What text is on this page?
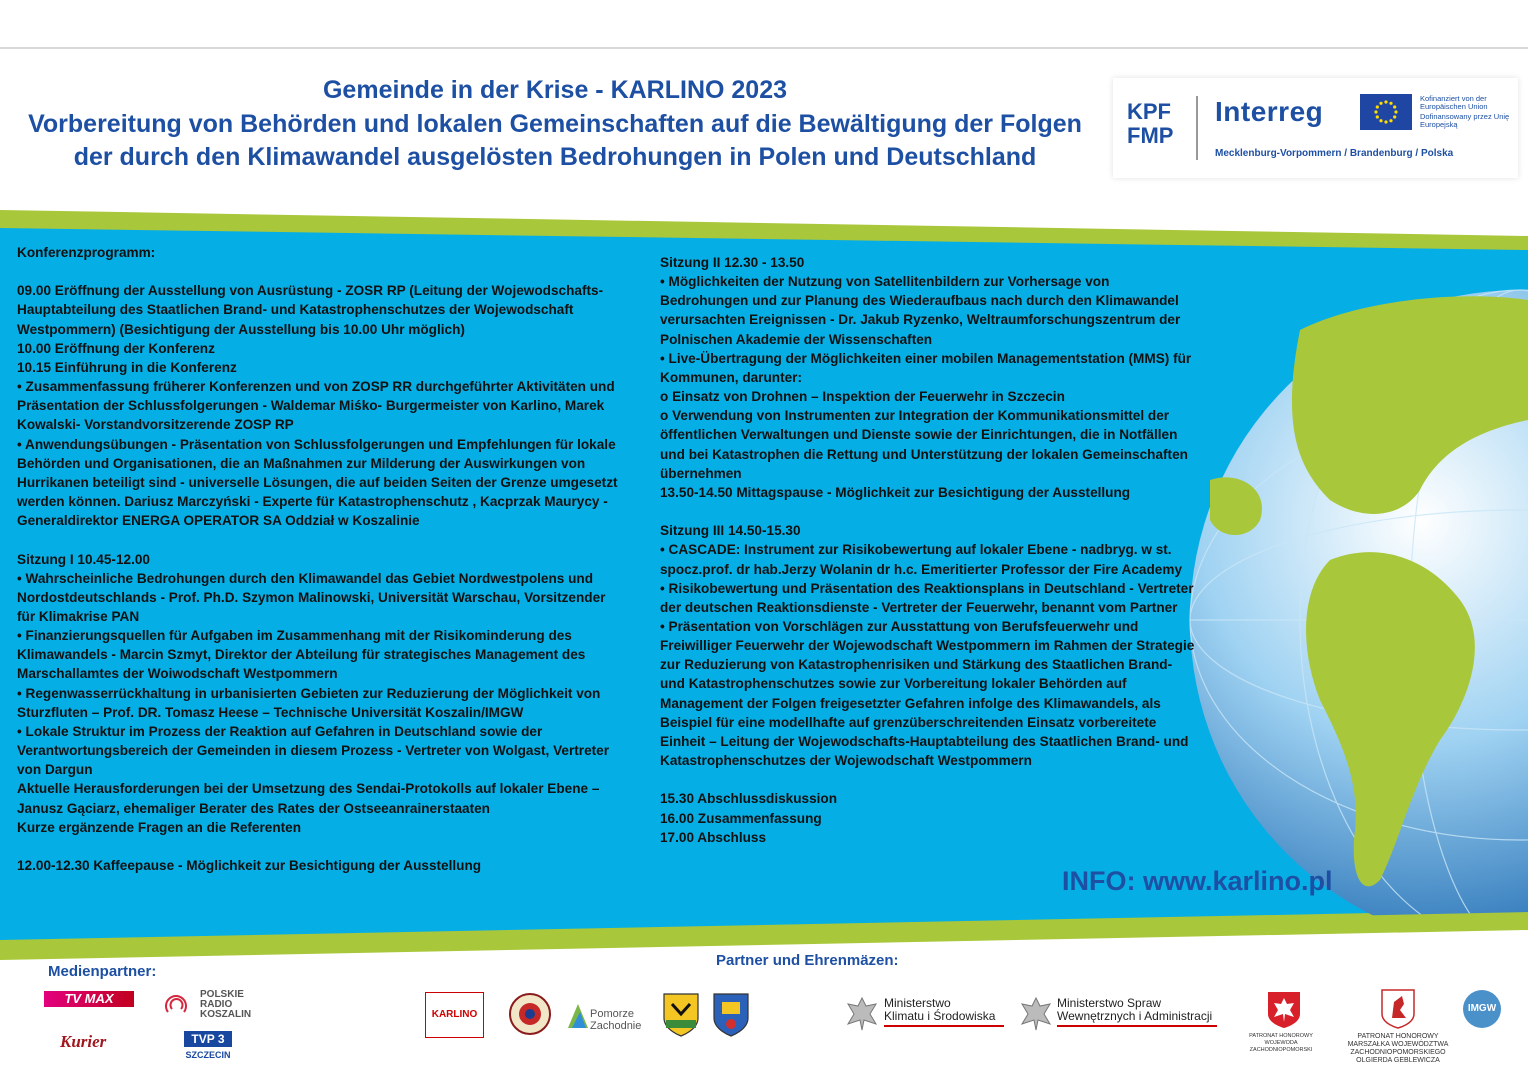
Gemeinde in der Krise - KARLINO 2023
Vorbereitung von Behörden und lokalen Gemeinschaften auf die Bewältigung der Folgen
der durch den Klimawandel ausgelösten Bedrohungen in Polen und Deutschland
KPF
FMP
Interreg	Kofinanziert von der Europäischen Union
Dofinansowany przez Unię Europejską
Mecklenburg-Vorpommern / Brandenburg / Polska
Konferenzprogramm:

09.00 Eröffnung der Ausstellung von Ausrüstung - ZOSR RP (Leitung der Wojewodschafts-Hauptabteilung des Staatlichen Brand- und Katastrophenschutzes der Wojewodschaft Westpommern) (Besichtigung der Ausstellung bis 10.00 Uhr möglich)
10.00 Eröffnung der Konferenz
10.15 Einführung in die Konferenz
• Zusammenfassung früherer Konferenzen und von ZOSP RR durchgeführter Aktivitäten und Präsentation der Schlussfolgerungen - Waldemar Miśko- Burgermeister von Karlino, Marek Kowalski- Vorstandvorsitzerende ZOSP RP
• Anwendungsübungen - Präsentation von Schlussfolgerungen und Empfehlungen für lokale Behörden und Organisationen, die an Maßnahmen zur Milderung der Auswirkungen von Hurrikanen beteiligt sind - universelle Lösungen, die auf beiden Seiten der Grenze umgesetzt werden können. Dariusz Marczyński - Experte für Katastrophenschutz , Kacprzak Maurycy - Generaldirektor ENERGA OPERATOR SA Oddział w Koszalinie

Sitzung I 10.45-12.00
• Wahrscheinliche Bedrohungen durch den Klimawandel das Gebiet Nordwestpolens und Nordostdeutschlands - Prof. Ph.D. Szymon Malinowski, Universität Warschau, Vorsitzender für Klimakrise PAN
• Finanzierungsquellen für Aufgaben im Zusammenhang mit der Risikominderung des Klimawandels - Marcin Szmyt, Direktor der Abteilung für strategisches Management des Marschallamtes der Woiwodschaft Westpommern
• Regenwasserrückhaltung in urbanisierten Gebieten zur Reduzierung der Möglichkeit von Sturzfluten – Prof. DR. Tomasz Heese – Technische Universität Koszalin/IMGW
• Lokale Struktur im Prozess der Reaktion auf Gefahren in Deutschland sowie der Verantwortungsbereich der Gemeinden in diesem Prozess - Vertreter von Wolgast, Vertreter von Dargun
Aktuelle Herausforderungen bei der Umsetzung des Sendai-Protokolls auf lokaler Ebene – Janusz Gąciarz, ehemaliger Berater des Rates der Ostseeanrainerstaaten
Kurze ergänzende Fragen an die Referenten

12.00-12.30 Kaffeepause - Möglichkeit zur Besichtigung der Ausstellung
Sitzung II 12.30 - 13.50
• Möglichkeiten der Nutzung von Satellitenbildern zur Vorhersage von Bedrohungen und zur Planung des Wiederaufbaus nach durch den Klimawandel verursachten Ereignissen - Dr. Jakub Ryzenko, Weltraumforschungszentrum der Polnischen Akademie der Wissenschaften
• Live-Übertragung der Möglichkeiten einer mobilen Managementstation (MMS) für Kommunen, darunter:
o Einsatz von Drohnen – Inspektion der Feuerwehr in Szczecin
o Verwendung von Instrumenten zur Integration der Kommunikationsmittel der öffentlichen Verwaltungen und Dienste sowie der Einrichtungen, die in Notfällen und bei Katastrophen die Rettung und Unterstützung der lokalen Gemeinschaften übernehmen
13.50-14.50 Mittagspause - Möglichkeit zur Besichtigung der Ausstellung

Sitzung III 14.50-15.30
• CASCADE: Instrument zur Risikobewertung auf lokaler Ebene - nadbryg. w st. spocz.prof. dr hab.Jerzy Wolanin dr h.c. Emeritierter Professor der Fire Academy
• Risikobewertung und Präsentation des Reaktionsplans in Deutschland - Vertreter der deutschen Reaktionsdienste - Vertreter der Feuerwehr, benannt vom Partner
• Präsentation von Vorschlägen zur Ausstattung von Berufsfeuerwehr und Freiwilliger Feuerwehr der Wojewodschaft Westpommern im Rahmen der Strategie zur Reduzierung von Katastrophenrisiken und Stärkung des Staatlichen Brand- und Katastrophenschutzes sowie zur Vorbereitung lokaler Behörden auf Management der Folgen freigesetzter Gefahren infolge des Klimawandels, als Beispiel für eine modellhafte auf grenzüberschreitenden Einsatz vorbereitete Einheit – Leitung der Wojewodschafts-Hauptabteilung des Staatlichen Brand- und Katastrophenschutzes der Wojewodschaft Westpommern

15.30 Abschlussdiskussion
16.00 Zusammenfassung
17.00 Abschluss
INFO: www.karlino.pl
Medienpartner:
Partner und Ehrenmäzen:
TV MAX	POLSKIE
RADIO
KOSZALIN
Kurier	TVP 3
SZCZECIN
KARLINO	Pomorze
Zachodnie
Ministerstwo
Klimatu i Środowiska
Ministerstwo Spraw
Wewnętrznych i Administracji
PATRONAT HONOROWY
WOJEWODA ZACHODNIOPOMORSKI
PATRONAT HONOROWY
MARSZAŁKA WOJEWÓDZTWA
ZACHODNIOPOMORSKIEGO
OLGIERDA GEBLEWICZA
IMGW
